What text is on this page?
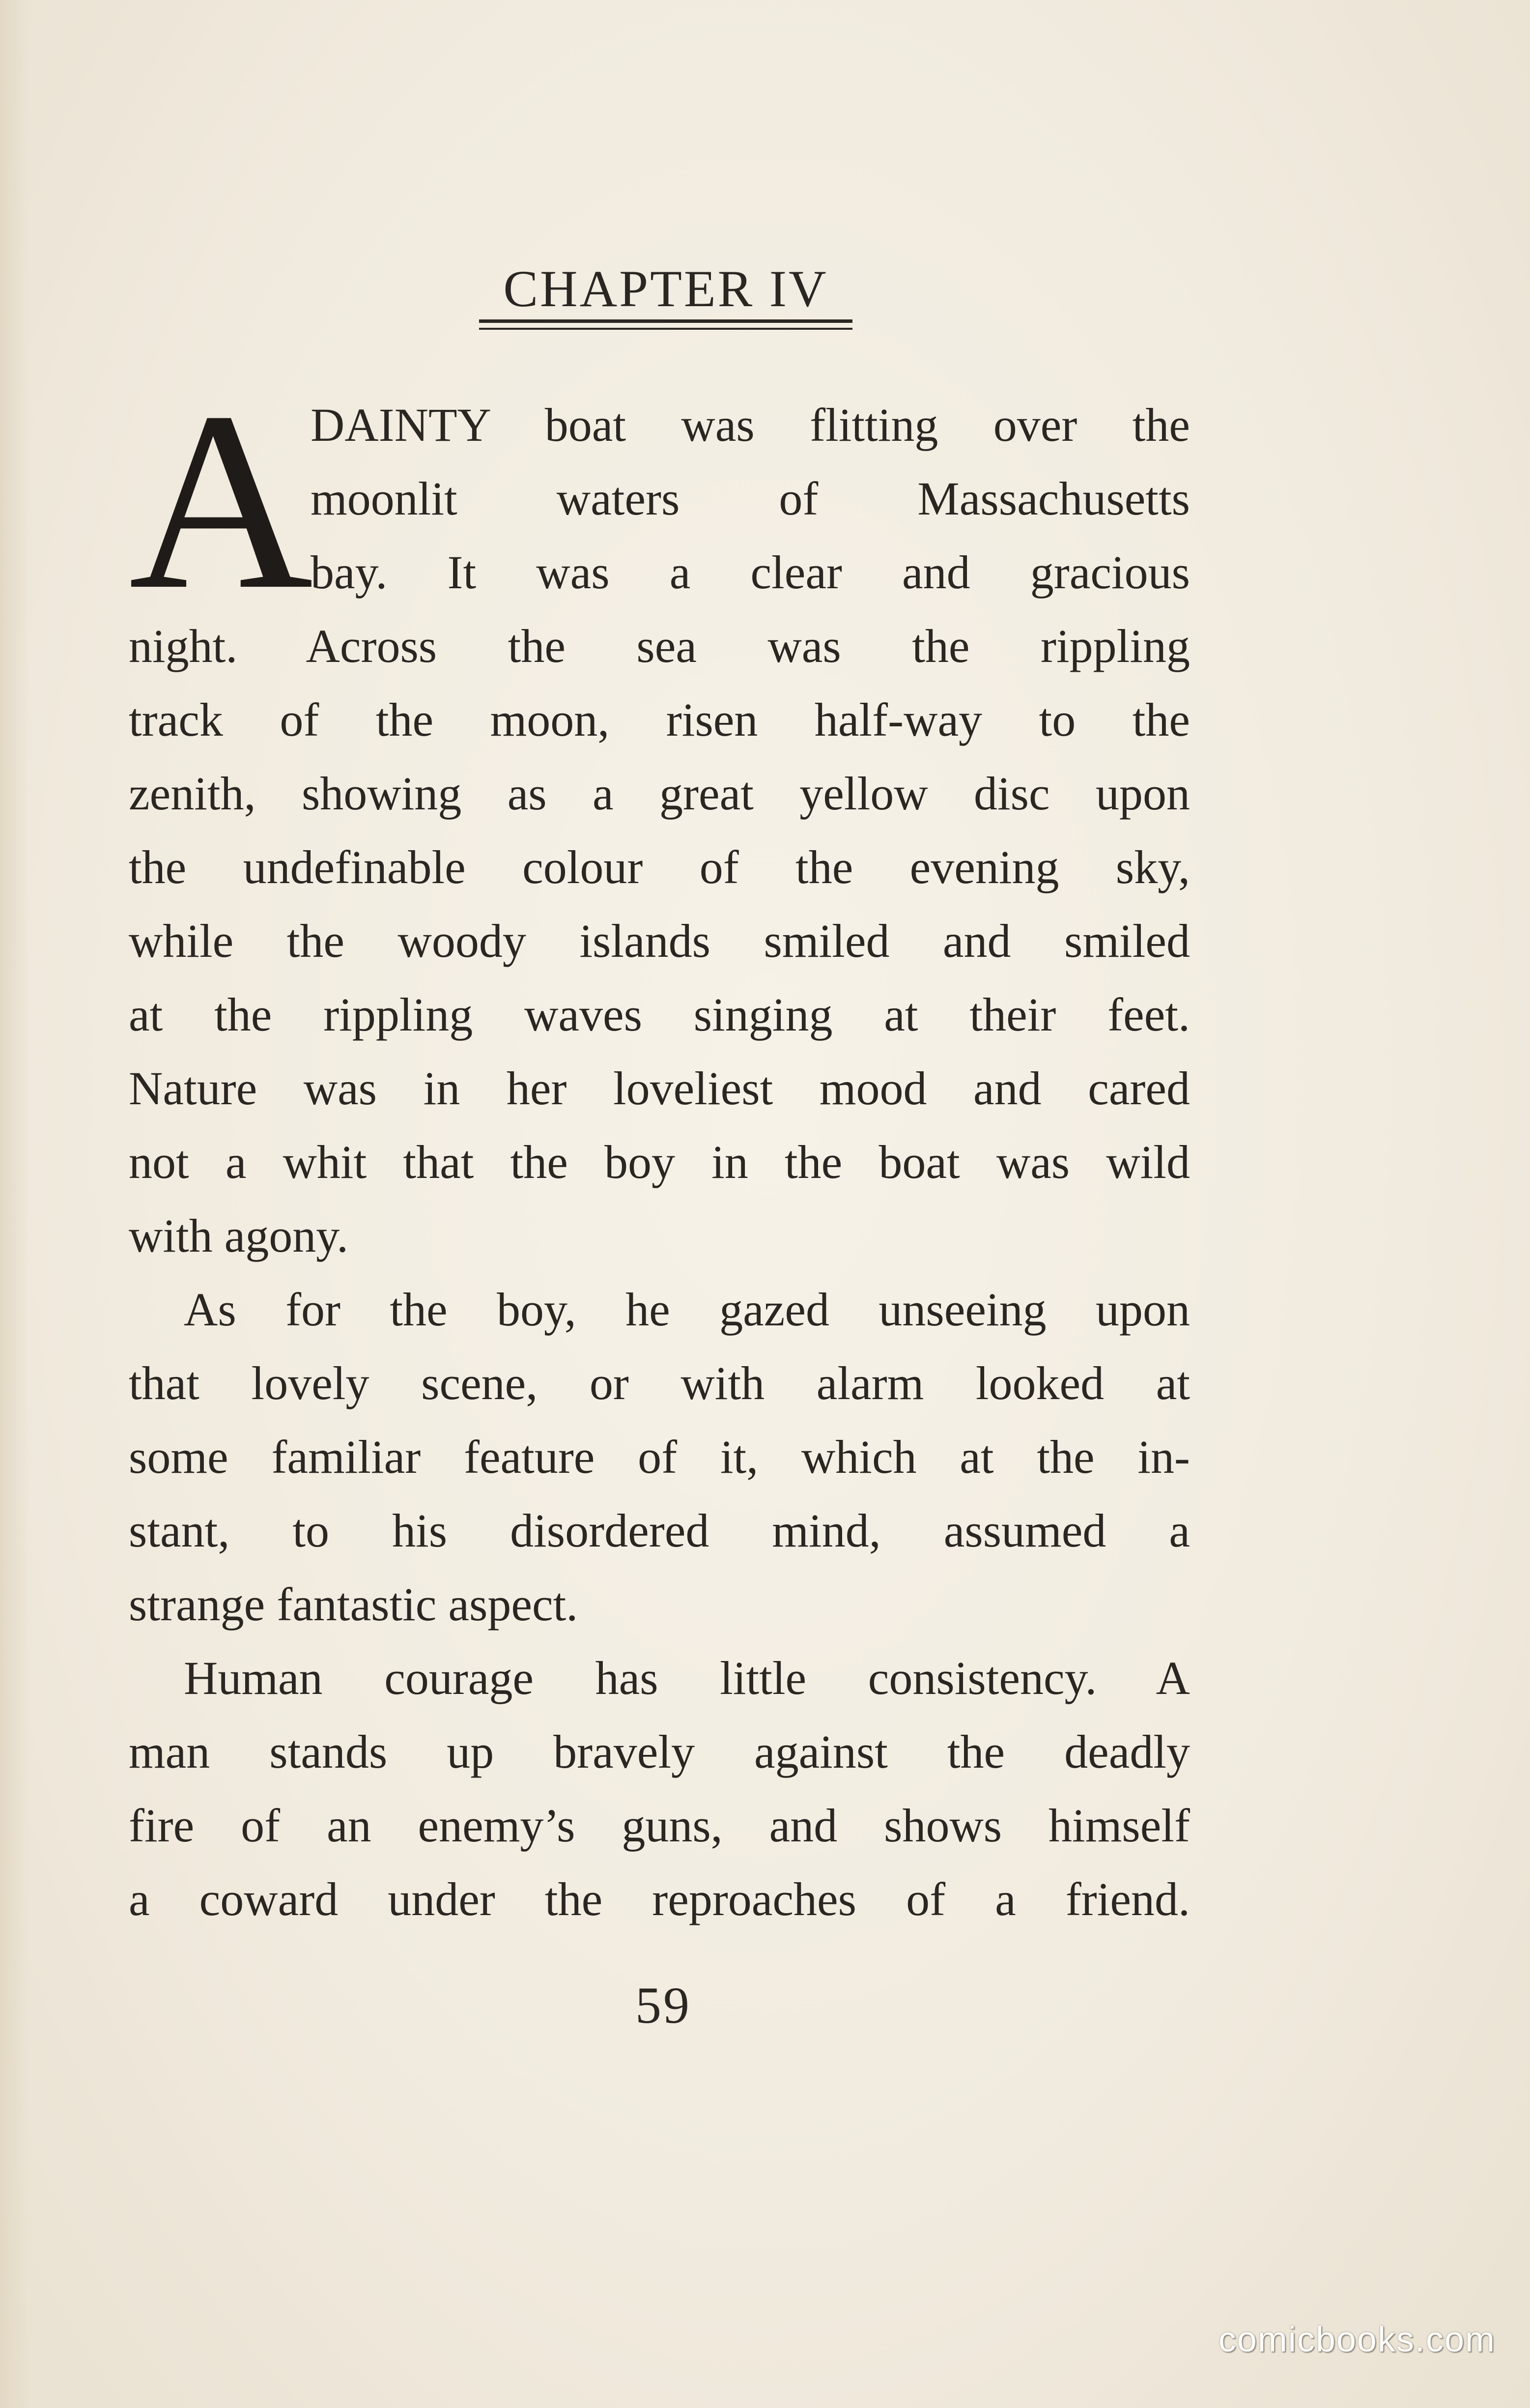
CHAPTER IV
A
DAINTY boat was flitting over the
moonlit waters of Massachusetts
bay. It was a clear and gracious
night. Across the sea was the rippling
track of the moon, risen half-way to the
zenith, showing as a great yellow disc upon
the undefinable colour of the evening sky,
while the woody islands smiled and smiled
at the rippling waves singing at their feet.
Nature was in her loveliest mood and cared
not a whit that the boy in the boat was wild
with agony.
As for the boy, he gazed unseeing upon
that lovely scene, or with alarm looked at
some familiar feature of it, which at the in-
stant, to his disordered mind, assumed a
strange fantastic aspect.
Human courage has little consistency. A
man stands up bravely against the deadly
fire of an enemy’s guns, and shows himself
a coward under the reproaches of a friend.
59
comicbooks.com
